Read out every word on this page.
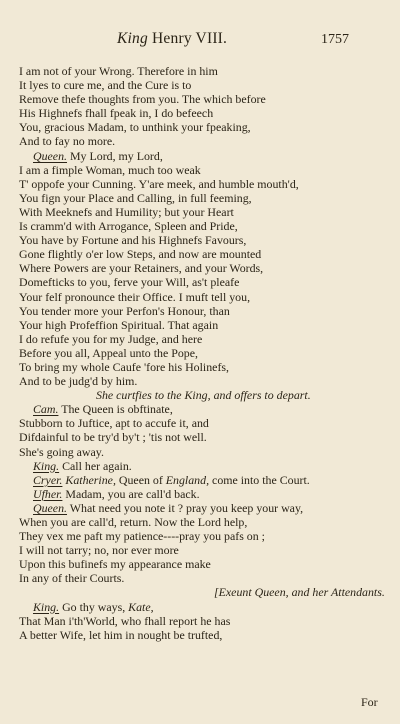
King Henry VIII.	1757
I am not of your Wrong. Therefore in him
It lyes to cure me, and the Cure is to
Remove thefe thoughts from you. The which before
His Highnefs fhall fpeak in, I do befeech
You, gracious Madam, to unthink your fpeaking,
And to fay no more.
Queen. My Lord, my Lord,
I am a fimple Woman, much too weak
T' oppofe your Cunning. Y'are meek, and humble mouth'd,
You fign your Place and Calling, in full feeming,
With Meeknefs and Humility; but your Heart
Is cramm'd with Arrogance, Spleen and Pride,
You have by Fortune and his Highnefs Favours,
Gone flightly o'er low Steps, and now are mounted
Where Powers are your Retainers, and your Words,
Domefticks to you, ferve your Will, as't pleafe
Your felf pronounce their Office. I muft tell you,
You tender more your Perfon's Honour, than
Your high Profeffion Spiritual. That again
I do refufe you for my Judge, and here
Before you all, Appeal unto the Pope,
To bring my whole Caufe 'fore his Holinefs,
And to be judg'd by him.
She curtfies to the King, and offers to depart.
Cam. The Queen is obftinate,
Stubborn to Juftice, apt to accufe it, and
Difdainful to be try'd by't ; 'tis not well.
She's going away.
King. Call her again.
Cryer. Katherine, Queen of England, come into the Court.
Ufher. Madam, you are call'd back.
Queen. What need you note it ? pray you keep your way,
When you are call'd, return. Now the Lord help,
They vex me paft my patience----pray you pafs on ;
I will not tarry; no, nor ever more
Upon this bufinefs my appearance make
In any of their Courts.
[Exeunt Queen, and her Attendants.
King. Go thy ways, Kate,
That Man i'th'World, who fhall report he has
A better Wife, let him in nought be trufted,
For
